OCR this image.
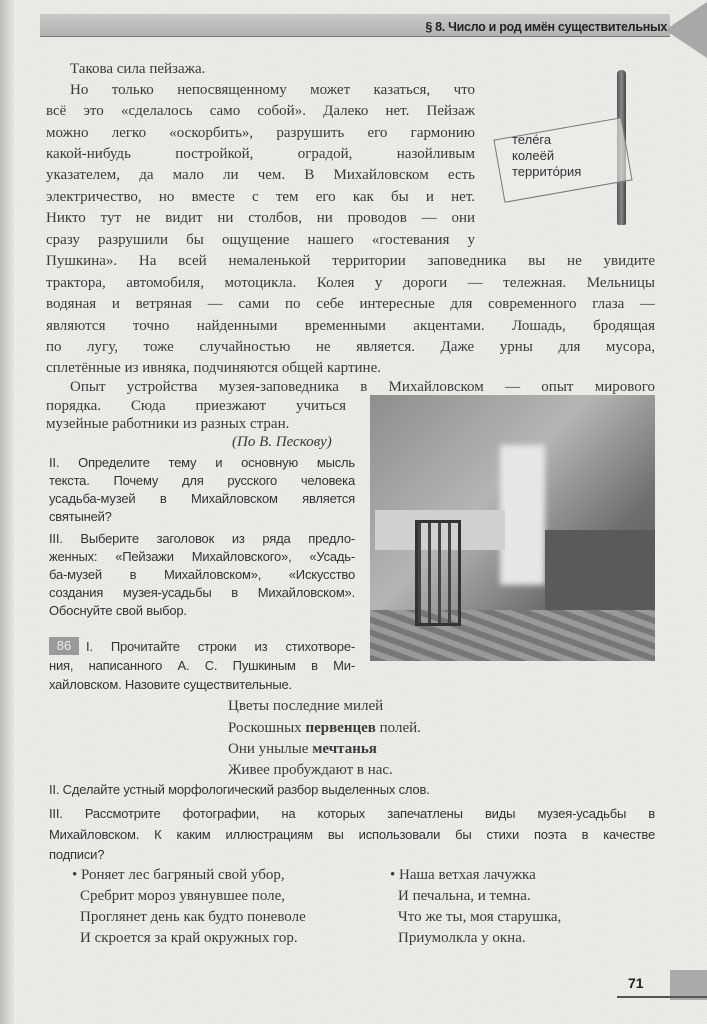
§ 8. Число и род имён существительных
Такова сила пейзажа.
Но только непосвященному может казаться, что
всё это «сделалось само собой». Далеко нет. Пейзаж
можно легко «оскорбить», разрушить его гармонию
какой-нибудь постройкой, оградой, назойливым
указателем, да мало ли чем. В Михайловском есть
электричество, но вместе с тем его как бы и нет.
Никто тут не видит ни столбов, ни проводов — они
сразу разрушили бы ощущение нашего «гостевания у
Пушкина». На всей немаленькой территории заповедника вы не увидите
трактора, автомобиля, мотоцикла. Колея у дороги — тележная. Мельницы
водяная и ветряная — сами по себе интересные для современного глаза —
являются точно найденными временными акцентами. Лошадь, бродящая
по лугу, тоже случайностью не является. Даже урны для мусора,
сплетённые из ивняка, подчиняются общей картине.
Опыт устройства музея-заповедника в Михайловском — опыт мирового
порядка. Сюда приезжают учиться
музейные работники из разных стран.
(По В. Пескову)
телéга
колеёй
террито́рия
II. Определите тему и основную мысль
текста. Почему для русского человека
усадьба-музей в Михайловском является
святыней?
III. Выберите заголовок из ряда предло-
женных: «Пейзажи Михайловского», «Усадь-
ба-музей в Михайловском», «Искусство
создания музея-усадьбы в Михайловском».
Обоснуйте свой выбор.
86	I. Прочитайте строки из стихотворе-
ния, написанного А. С. Пушкиным в Ми-
хайловском. Назовите существительные.
Цветы последние милей
Роскошных первенцев полей.
Они унылые мечтанья
Живее пробуждают в нас.
II. Сделайте устный морфологический разбор выделенных слов.
III. Рассмотрите фотографии, на которых запечатлены виды музея-усадьбы в
Михайловском. К каким иллюстрациям вы использовали бы стихи поэта в качестве
подписи?
• Роняет лес багряный свой убор,
Сребрит мороз увянувшее поле,
Проглянет день как будто поневоле
И скроется за край окружных гор.
• Наша ветхая лачужка
И печальна, и темна.
Что же ты, моя старушка,
Приумолкла у окна.
71
